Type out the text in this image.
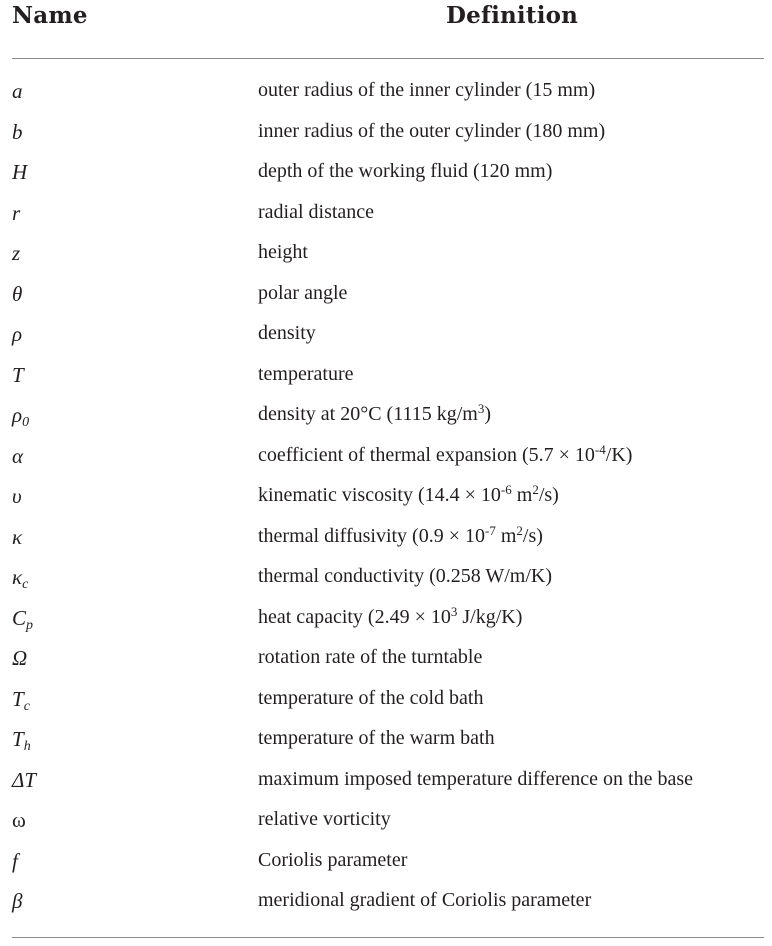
Name	Definition
a	outer radius of the inner cylinder (15 mm)
b	inner radius of the outer cylinder (180 mm)
H	depth of the working fluid (120 mm)
r	radial distance
z	height
θ	polar angle
ρ	density
T	temperature
$\rho_0$	density at 20°C (1115 $kg/m^3$)
α	coefficient of thermal expansion $(5.7 \times 10^{-4}/K)$
υ	kinematic viscosity ($14.4 \times 10^{-6}$ $m^2/s$)
κ	thermal diffusivity ($0.9 \times 10^{-7}$ $m^2/s$)
$\kappa_c$	thermal conductivity (0.258 W/m/K)
$C_p$	heat capacity ($2.49 \times 10^3$ J/kg/K)
Ω	rotation rate of the turntable
$T_c$	temperature of the cold bath
$T_h$	temperature of the warm bath
ΔT	maximum imposed temperature difference on the base
ω	relative vorticity
f	Coriolis parameter
β	meridional gradient of Coriolis parameter
